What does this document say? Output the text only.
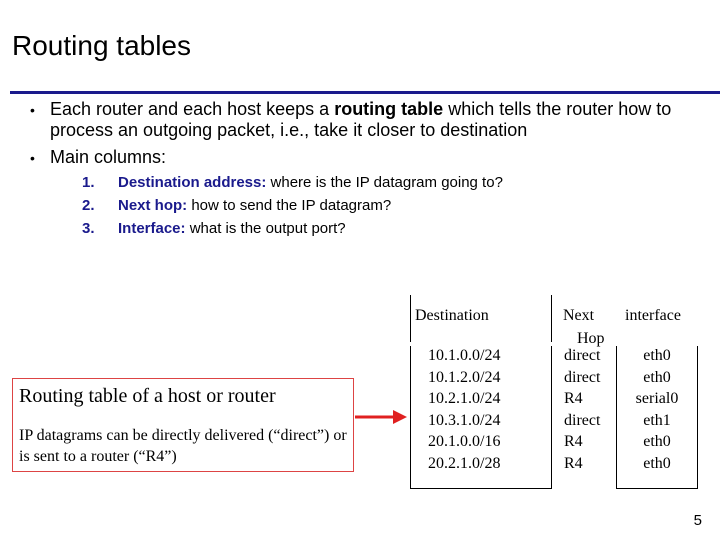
Routing tables
• Each router and each host keeps a routing table which tells the router how to process an outgoing packet, i.e., take it closer to destination
• Main columns:
1. Destination address: where is the IP datagram going to?
2. Next hop: how to send the IP datagram?
3. Interface: what is the output port?
Routing table of a host or router
IP datagrams can be directly delivered (“direct”) or is sent to a router (“R4”)
Destination	Next
Hop
interface
10.1.0.0/24
10.1.2.0/24
10.2.1.0/24
10.3.1.0/24
20.1.0.0/16
20.2.1.0/28
direct
direct
R4
direct
R4
R4
eth0
eth0
serial0
eth1
eth0
eth0
5
